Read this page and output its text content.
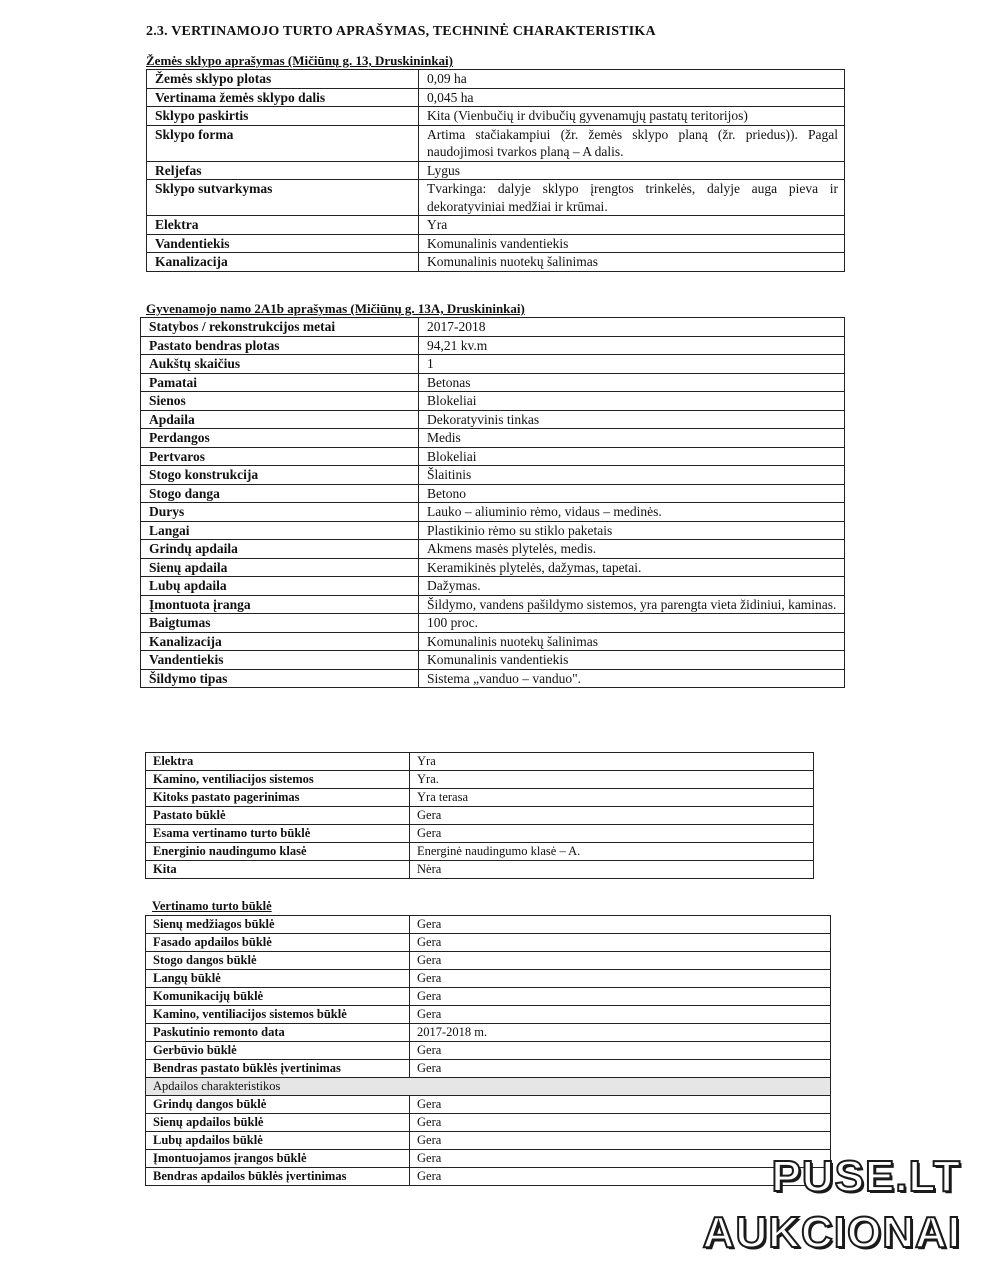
2.3. VERTINAMOJO TURTO APRAŠYMAS, TECHNINĖ CHARAKTERISTIKA
Žemės sklypo aprašymas (Mičiūnų g. 13, Druskininkai)
Žemės sklypo plotas	0,09 ha
Vertinama žemės sklypo dalis	0,045 ha
Sklypo paskirtis	Kita (Vienbučių ir dvibučių gyvenamųjų pastatų teritorijos)
Sklypo forma	Artima stačiakampiui (žr. žemės sklypo planą (žr. priedus)). Pagal naudojimosi tvarkos planą – A dalis.
Reljefas	Lygus
Sklypo sutvarkymas	Tvarkinga: dalyje sklypo įrengtos trinkelės, dalyje auga pieva ir dekoratyviniai medžiai ir krūmai.
Elektra	Yra
Vandentiekis	Komunalinis vandentiekis
Kanalizacija	Komunalinis nuotekų šalinimas
Gyvenamojo namo 2A1b aprašymas (Mičiūnų g. 13A, Druskininkai)
Statybos / rekonstrukcijos metai	2017-2018
Pastato bendras plotas	94,21 kv.m
Aukštų skaičius	1
Pamatai	Betonas
Sienos	Blokeliai
Apdaila	Dekoratyvinis tinkas
Perdangos	Medis
Pertvaros	Blokeliai
Stogo konstrukcija	Šlaitinis
Stogo danga	Betono
Durys	Lauko – aliuminio rėmo, vidaus – medinės.
Langai	Plastikinio rėmo su stiklo paketais
Grindų apdaila	Akmens masės plytelės, medis.
Sienų apdaila	Keramikinės plytelės, dažymas, tapetai.
Lubų apdaila	Dažymas.
Įmontuota įranga	Šildymo, vandens pašildymo sistemos, yra parengta vieta židiniui, kaminas.
Baigtumas	100 proc.
Kanalizacija	Komunalinis nuotekų šalinimas
Vandentiekis	Komunalinis vandentiekis
Šildymo tipas	Sistema „vanduo – vanduo".
Elektra	Yra
Kamino, ventiliacijos sistemos	Yra.
Kitoks pastato pagerinimas	Yra terasa
Pastato būklė	Gera
Esama vertinamo turto būklė	Gera
Energinio naudingumo klasė	Energinė naudingumo klasė – A.
Kita	Nėra
Vertinamo turto būklė
Sienų medžiagos būklė	Gera
Fasado apdailos būklė	Gera
Stogo dangos būklė	Gera
Langų būklė	Gera
Komunikacijų būklė	Gera
Kamino, ventiliacijos sistemos būklė	Gera
Paskutinio remonto data	2017-2018 m.
Gerbūvio būklė	Gera
Bendras pastato būklės įvertinimas	Gera
Apdailos charakteristikos	
Grindų dangos būklė	Gera
Sienų apdailos būklė	Gera
Lubų apdailos būklė	Gera
Įmontuojamos įrangos būklė	Gera
Bendras apdailos būklės įvertinimas	Gera	PUSE.LT
AUKCIONAI
